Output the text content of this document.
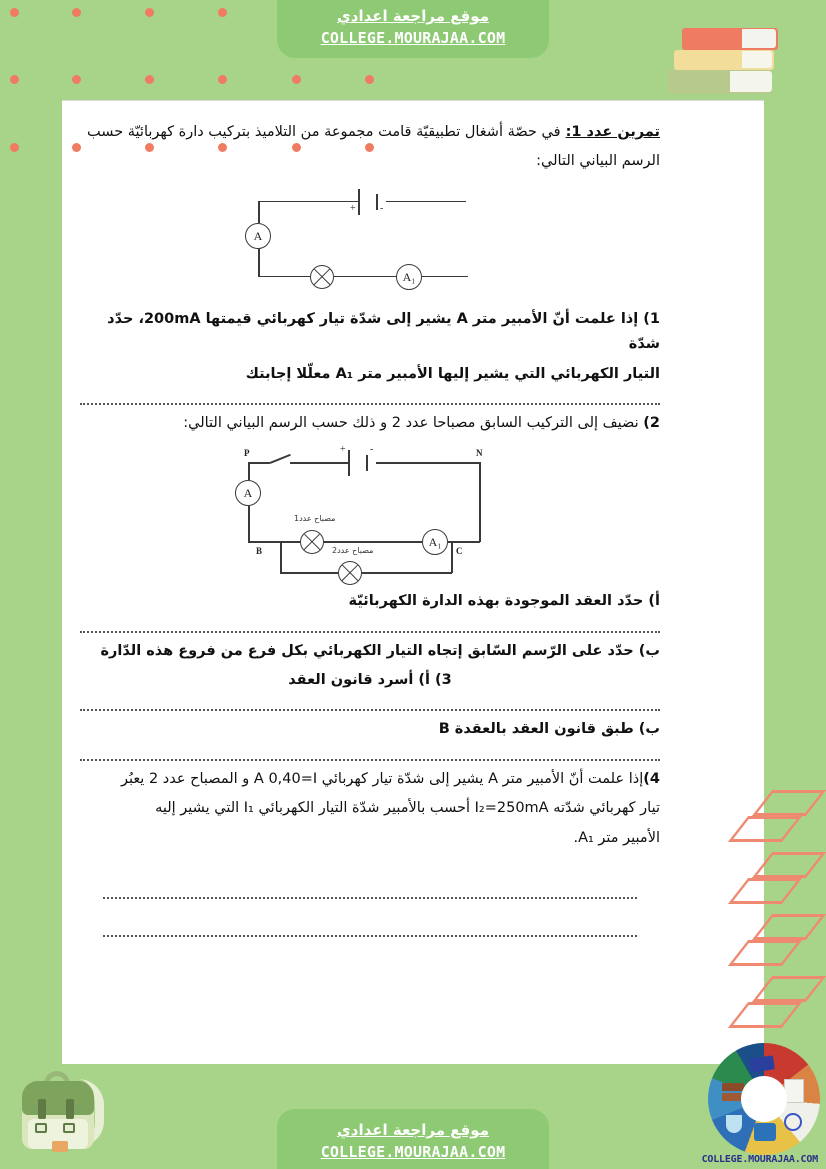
موقع مراجعة اعدادي
COLLEGE.MOURAJAA.COM
تمرين عدد 1: في حصّة أشغال تطبيقيّة قامت مجموعة من التلاميذ بتركيب دارة كهربائيّة حسب
الرسم البياني التالي:
+ -
A
A₁
1) إذا علمت أنّ الأمبير متر A يشير إلى شدّة تيار كهربائي قيمتها 200mA، حدّد شدّة
التيار الكهربائي التي يشير إليها الأمبير متر A₁ معلّلا إجابتك
2) نضيف إلى التركيب السابق مصباحا عدد 2 و ذلك حسب الرسم البياني التالي:
P	N
B	C
+ -
A
مصباح عدد1
A₁
مصباح عدد2
أ) حدّد العقد الموجودة بهذه الدارة الكهربائيّة
ب) حدّد على الرّسم السّابق إتجاه التيار الكهربائي بكل فرع من فروع هذه الدّارة
3) أ) أسرد قانون العقد
ب) طبق قانون العقد بالعقدة B
4)إذا علمت أنّ الأمبير متر A يشير إلى شدّة تيار كهربائي A 0,40=I و المصباح عدد 2 يعبُر
تيار كهربائي شدّته I₂=250mA أحسب بالأمبير شدّة التيار الكهربائي I₁ التي يشير إليه
الأمبير متر A₁.
COLLEGE.MOURAJAA.COM
موقع مراجعة اعدادي
COLLEGE.MOURAJAA.COM
